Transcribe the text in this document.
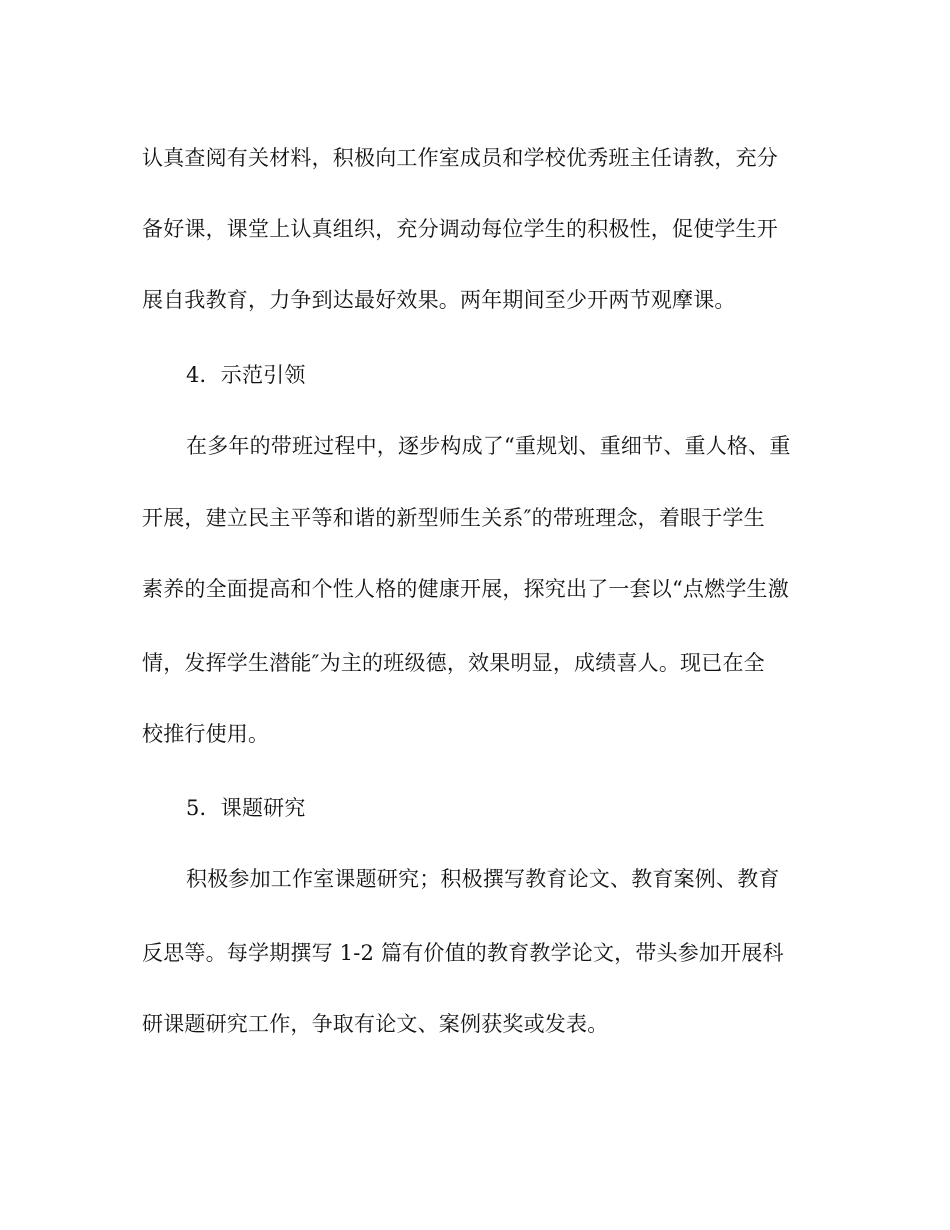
认真查阅有关材料，积极向工作室成员和学校优秀班主任请教，充分
备好课，课堂上认真组织，充分调动每位学生的积极性，促使学生开
展自我教育，力争到达最好效果。两年期间至少开两节观摩课。
4．示范引领
在多年的带班过程中，逐步构成了“重规划、重细节、重人格、重
开展，建立民主平等和谐的新型师生关系″的带班理念，着眼于学生
素养的全面提高和个性人格的健康开展，探究出了一套以“点燃学生激
情，发挥学生潜能″为主的班级德，效果明显，成绩喜人。现已在全
校推行使用。
5．课题研究
积极参加工作室课题研究；积极撰写教育论文、教育案例、教育
反思等。每学期撰写 1-2 篇有价值的教育教学论文，带头参加开展科
研课题研究工作，争取有论文、案例获奖或发表。
